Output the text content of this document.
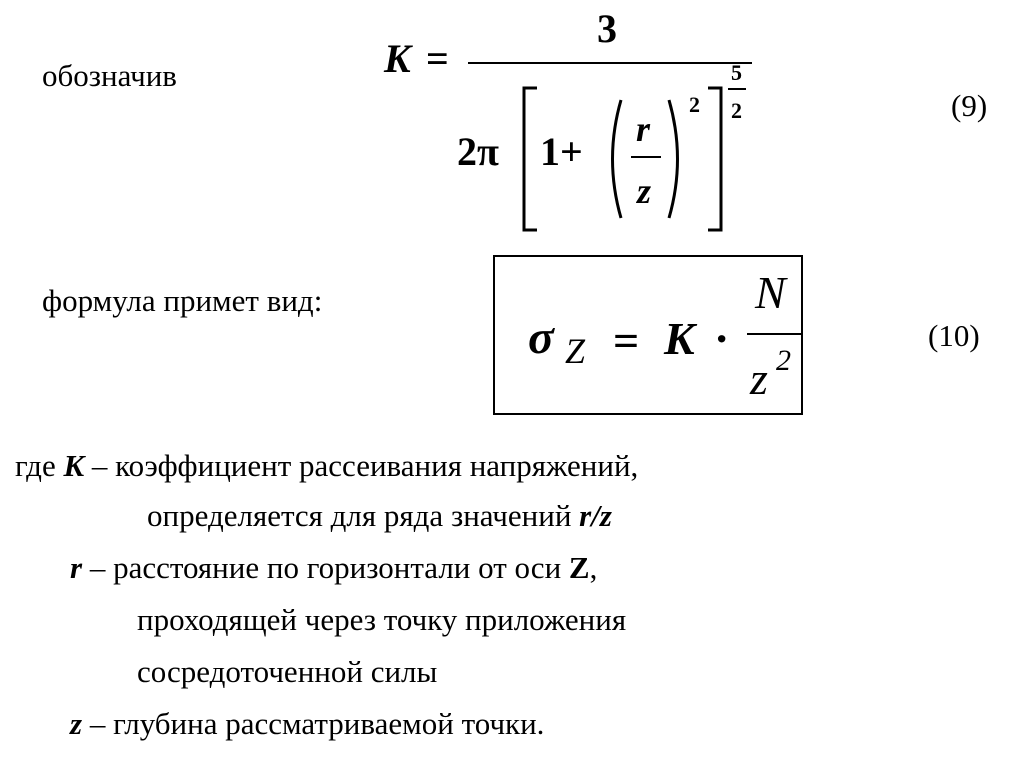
обозначив	K =
3
2π 1+ r
z
2
5
2	(9)
формула примет вид:
σ Z = K ·
N
z 2
(10)
где K – коэффициент рассеивания напряжений,
определяется для ряда значений r/z
r – расстояние по горизонтали от оси Z,
проходящей через точку приложения
сосредоточенной силы
z – глубина рассматриваемой точки.
